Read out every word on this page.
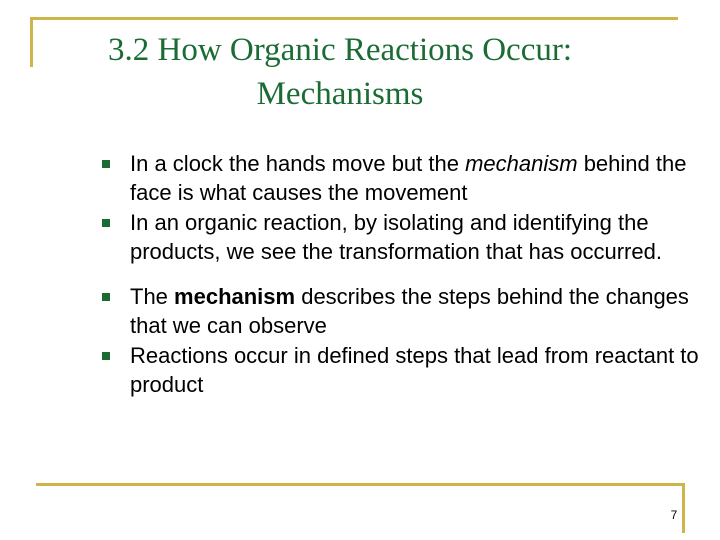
3.2 How Organic Reactions Occur:
Mechanisms
In a clock the hands move but the mechanism behind the face is what causes the movement
In an organic reaction, by isolating and identifying the products, we see the transformation that has occurred.
The mechanism describes the steps behind the changes that we can observe
Reactions occur in defined steps that lead from reactant to product
7
